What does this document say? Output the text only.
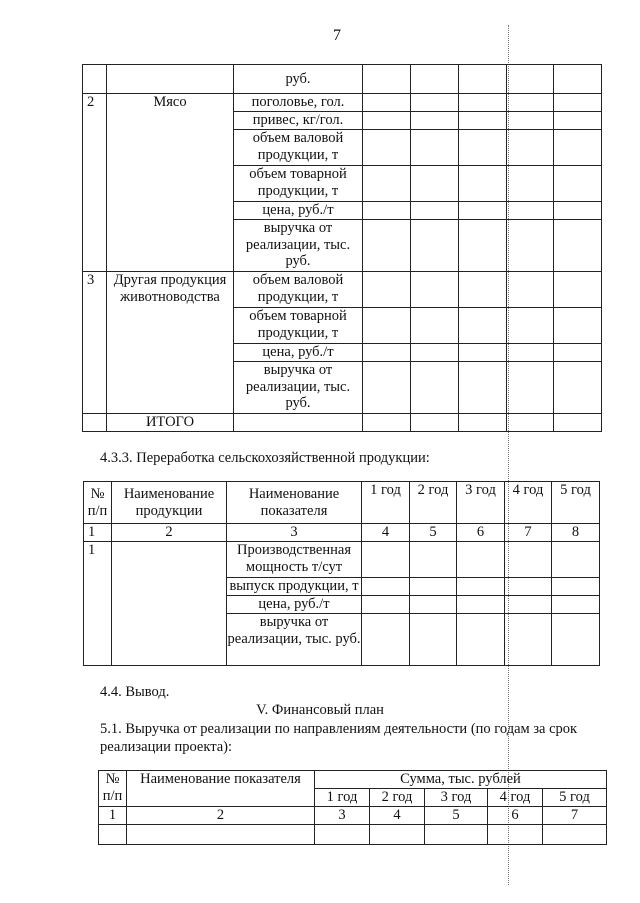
7
		руб.					
2	Мясо	поголовье, гол.					
		привес, кг/гол.					
		объем валовой продукции, т					
		объем товарной продукции, т					
		цена, руб./т					
		выручка от реализации, тыс. руб.					
3	Другая продукция животноводства	объем валовой продукции, т					
		объем товарной продукции, т					
		цена, руб./т					
		выручка от реализации, тыс. руб.					
	ИТОГО						
4.3.3. Переработка сельскохозяйственной продукции:
№ п/п	Наименование продукции	Наименование показателя	1 год	2 год	3 год	4 год	5 год
1	2	3	4	5	6	7	8
1		Производственная мощность т/сут					
		выпуск продукции, т					
		цена, руб./т					
		выручка от реализации, тыс. руб.					
4.4. Вывод.
V. Финансовый план
5.1. Выручка от реализации по направлениям деятельности (по годам за срок реализации проекта):
№ п/п	Наименование показателя	Сумма, тыс. рублей				
		1 год	2 год	3 год	4 год	5 год
1	2	3	4	5	6	7
